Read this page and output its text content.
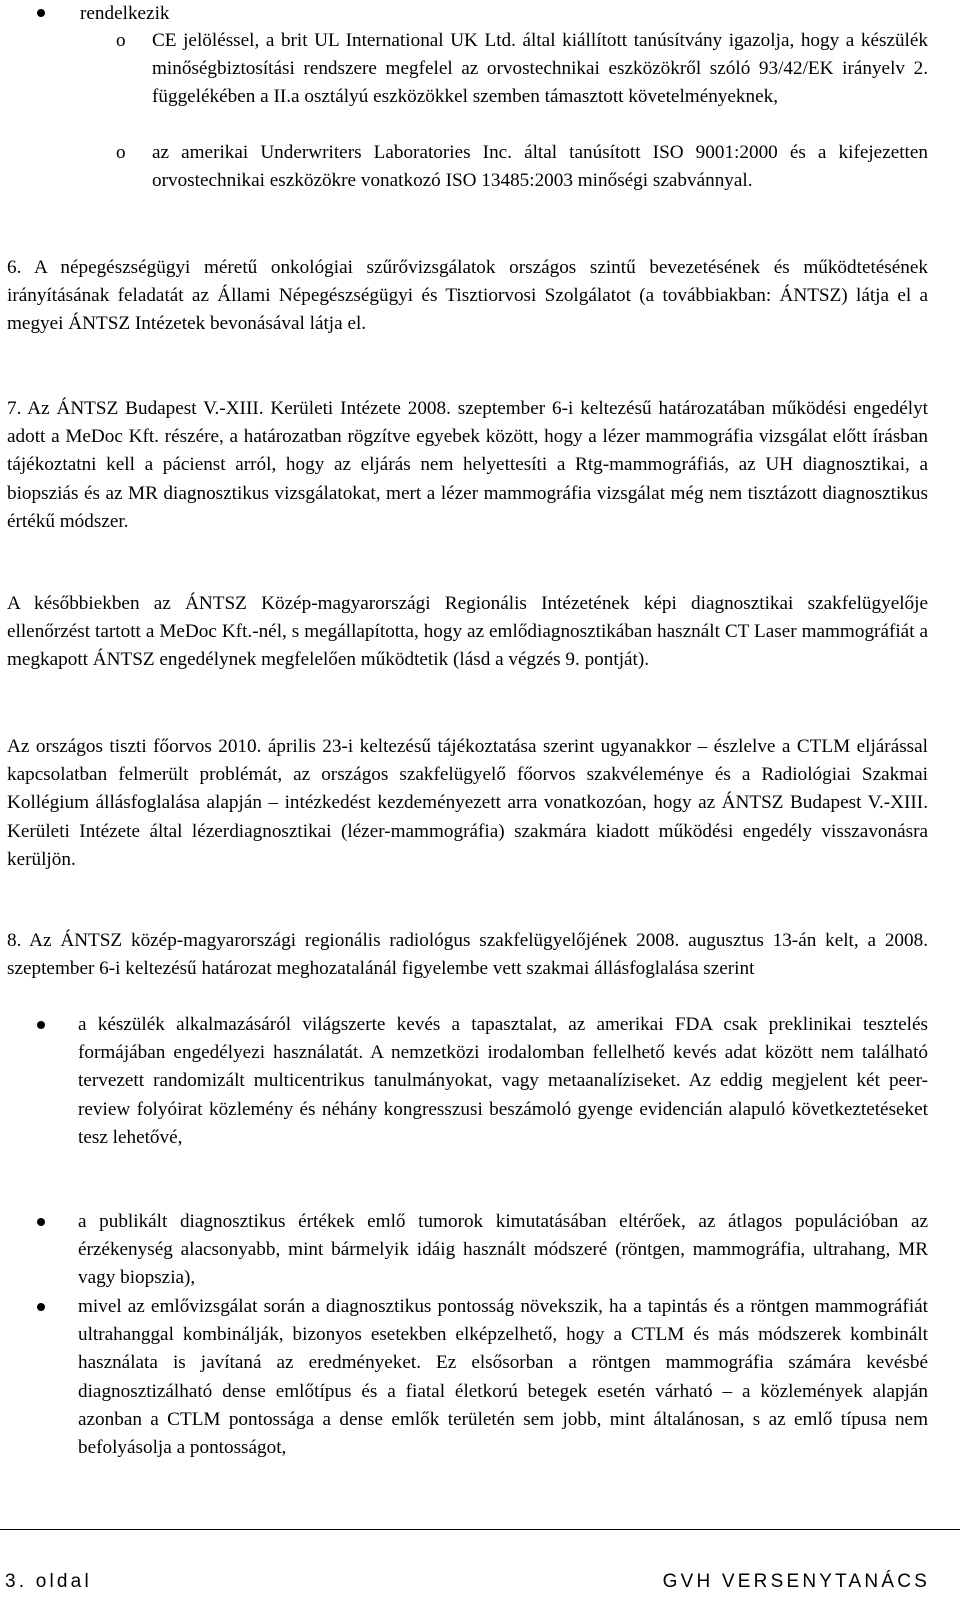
rendelkezik
o CE jelöléssel, a brit UL International UK Ltd. által kiállított tanúsítvány igazolja, hogy a készülék minőségbiztosítási rendszere megfelel az orvostechnikai eszközökről szóló 93/42/EK irányelv 2. függelékében a II.a osztályú eszközökkel szemben támasztott követelményeknek,
o az amerikai Underwriters Laboratories Inc. által tanúsított ISO 9001:2000 és a kifejezetten orvostechnikai eszközökre vonatkozó ISO 13485:2003 minőségi szabvánnyal.

6. A népegészségügyi méretű onkológiai szűrővizsgálatok országos szintű bevezetésének és működtetésének irányításának feladatát az Állami Népegészségügyi és Tisztiorvosi Szolgálatot (a továbbiakban: ÁNTSZ) látja el a megyei ÁNTSZ Intézetek bevonásával látja el.

7. Az ÁNTSZ Budapest V.-XIII. Kerületi Intézete 2008. szeptember 6-i keltezésű határozatában működési engedélyt adott a MeDoc Kft. részére, a határozatban rögzítve egyebek között, hogy a lézer mammográfia vizsgálat előtt írásban tájékoztatni kell a pácienst arról, hogy az eljárás nem helyettesíti a Rtg-mammográfiás, az UH diagnosztikai, a biopsziás és az MR diagnosztikus vizsgálatokat, mert a lézer mammográfia vizsgálat még nem tisztázott diagnosztikus értékű módszer.

A későbbiekben az ÁNTSZ Közép-magyarországi Regionális Intézetének képi diagnosztikai szakfelügyelője ellenőrzést tartott a MeDoc Kft.-nél, s megállapította, hogy az emlődiagnosztikában használt CT Laser mammográfiát a megkapott ÁNTSZ engedélynek megfelelően működtetik (lásd a végzés 9. pontját).

Az országos tiszti főorvos 2010. április 23-i keltezésű tájékoztatása szerint ugyanakkor – észlelve a CTLM eljárással kapcsolatban felmerült problémát, az országos szakfelügyelő főorvos szakvéleménye és a Radiológiai Szakmai Kollégium állásfoglalása alapján – intézkedést kezdeményezett arra vonatkozóan, hogy az ÁNTSZ Budapest V.-XIII. Kerületi Intézete által lézerdiagnosztikai (lézer-mammográfia) szakmára kiadott működési engedély visszavonásra kerüljön.

8. Az ÁNTSZ közép-magyarországi regionális radiológus szakfelügyelőjének 2008. augusztus 13-án kelt, a 2008. szeptember 6-i keltezésű határozat meghozatalánál figyelembe vett szakmai állásfoglalása szerint

a készülék alkalmazásáról világszerte kevés a tapasztalat, az amerikai FDA csak preklinikai tesztelés formájában engedélyezi használatát. A nemzetközi irodalomban fellelhető kevés adat között nem található tervezett randomizált multicentrikus tanulmányokat, vagy metaanalíziseket. Az eddig megjelent két peer-review folyóirat közlemény és néhány kongresszusi beszámoló gyenge evidencián alapuló következtetéseket tesz lehetővé,
a publikált diagnosztikus értékek emlő tumorok kimutatásában eltérőek, az átlagos populációban az érzékenység alacsonyabb, mint bármelyik idáig használt módszeré (röntgen, mammográfia, ultrahang, MR vagy biopszia),
mivel az emlővizsgálat során a diagnosztikus pontosság növekszik, ha a tapintás és a röntgen mammográfiát ultrahanggal kombinálják, bizonyos esetekben elképzelhető, hogy a CTLM és más módszerek kombinált használata is javítaná az eredményeket. Ez elsősorban a röntgen mammográfia számára kevésbé diagnosztizálható dense emlőtípus és a fiatal életkorú betegek esetén várható – a közlemények alapján azonban a CTLM pontossága a dense emlők területén sem jobb, mint általánosan, s az emlő típusa nem befolyásolja a pontosságot,
3. oldal	GVH VERSENYTANÁCS
